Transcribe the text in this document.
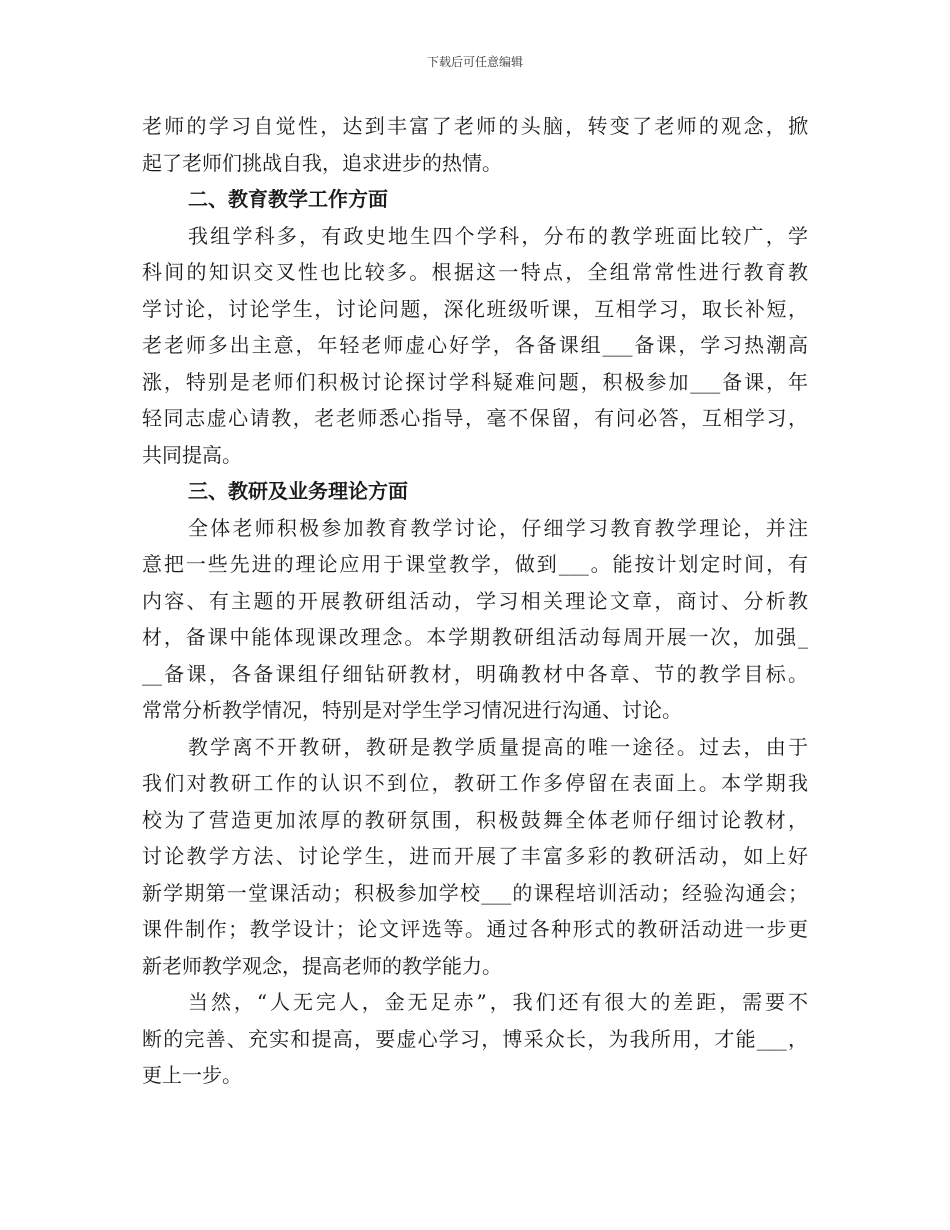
下载后可任意编辑
老师的学习自觉性，达到丰富了老师的头脑，转变了老师的观念，掀
起了老师们挑战自我，追求进步的热情。
二、教育教学工作方面
我组学科多，有政史地生四个学科，分布的教学班面比较广，学
科间的知识交叉性也比较多。根据这一特点，全组常常性进行教育教
学讨论，讨论学生，讨论问题，深化班级听课，互相学习，取长补短，
老老师多出主意，年轻老师虚心好学，各备课组___备课，学习热潮高
涨，特别是老师们积极讨论探讨学科疑难问题，积极参加___备课，年
轻同志虚心请教，老老师悉心指导，毫不保留，有问必答，互相学习，
共同提高。
三、教研及业务理论方面
全体老师积极参加教育教学讨论，仔细学习教育教学理论，并注
意把一些先进的理论应用于课堂教学，做到___。能按计划定时间，有
内容、有主题的开展教研组活动，学习相关理论文章，商讨、分析教
材，备课中能体现课改理念。本学期教研组活动每周开展一次，加强_
__备课，各备课组仔细钻研教材，明确教材中各章、节的教学目标。
常常分析教学情况，特别是对学生学习情况进行沟通、讨论。
教学离不开教研，教研是教学质量提高的唯一途径。过去，由于
我们对教研工作的认识不到位，教研工作多停留在表面上。本学期我
校为了营造更加浓厚的教研氛围，积极鼓舞全体老师仔细讨论教材，
讨论教学方法、讨论学生，进而开展了丰富多彩的教研活动，如上好
新学期第一堂课活动；积极参加学校___的课程培训活动；经验沟通会；
课件制作；教学设计；论文评选等。通过各种形式的教研活动进一步更
新老师教学观念，提高老师的教学能力。
当然，“人无完人，金无足赤”，我们还有很大的差距，需要不
断的完善、充实和提高，要虚心学习，博采众长，为我所用，才能___，
更上一步。
